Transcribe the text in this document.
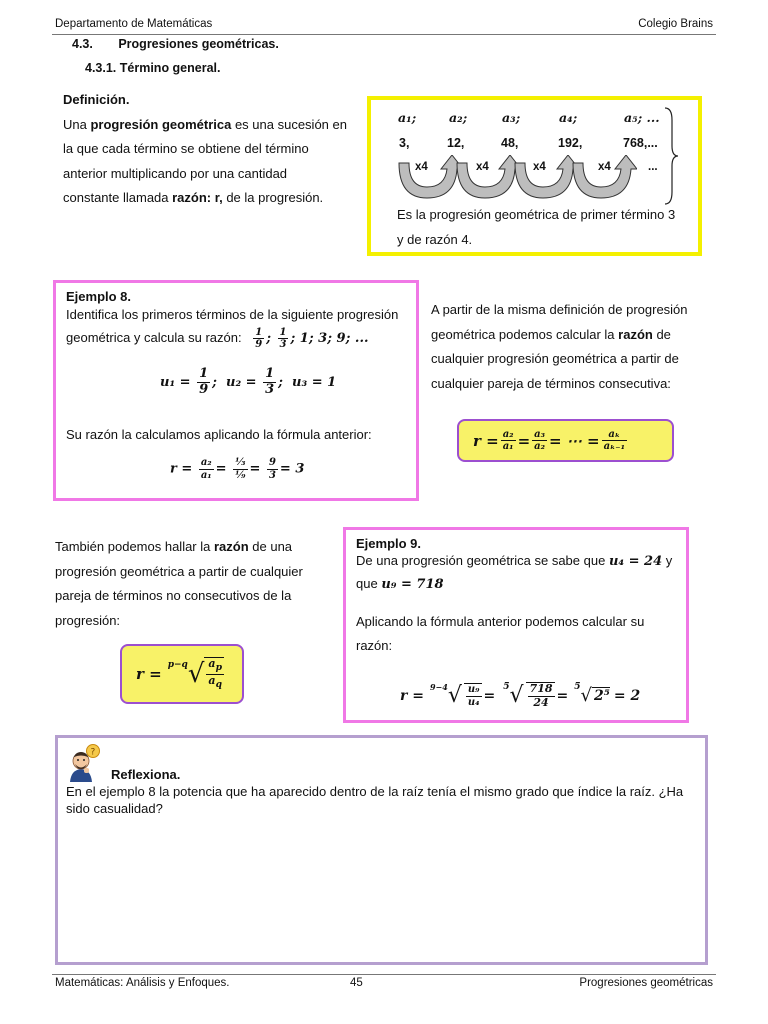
Departamento de Matemáticas	Colegio Brains
4.3. Progresiones geométricas.
4.3.1. Término general.
Definición.
Una progresión geométrica es una sucesión en
la que cada término se obtiene del término
anterior multiplicando por una cantidad
constante llamada razón: r, de la progresión.
a₁;	a₂;	a₃;	a₄;	a₅; ...
3,	12,	48,	192,	768,...
x4	x4	x4	x4	...
Es la progresión geométrica de primer término 3
y de razón 4.
Ejemplo 8.
Identifica los primeros términos de la siguiente progresión
geométrica y calcula su razón: $\frac{1}{9}$ ; $\frac{1}{3}$ ; 1; 3; 9; ...
$u_1 = \frac{1}{9}$ ;  $u_2 = \frac{1}{3}$ ;  u₃ = 1
Su razón la calculamos aplicando la fórmula anterior:
$r = \frac{\text{a₂}}{\text{a₁}} = \frac{\text{¹⁄₃}}{\text{¹⁄₉}} = \frac{9}{3} = 3$
A partir de la misma definición de progresión
geométrica podemos calcular la razón de
cualquier progresión geométrica a partir de
cualquier pareja de términos consecutiva:
$r = \frac{\text{a₂}}{\text{a₁}} = \frac{\text{a₃}}{\text{a₂}}$ = ⋯ = $\frac{\text{aₖ}}{\text{aₖ₋₁}}$
También podemos hallar la razón de una
progresión geométrica a partir de cualquier
pareja de términos no consecutivos de la
progresión:
r = $^{p-q}$ √ $\frac{a_p}{a_q}$
Ejemplo 9.
De una progresión geométrica se sabe que u₄ = 24 y
que u₉ = 718
Aplicando la fórmula anterior podemos calcular su
razón:
r =
$^{9-4}$ √ $\frac{\text{u₉}}{\text{u₄}}$ =
$^5$ √ $\frac{718}{24}$ =
$^5$ √ 2⁵ = 2
?
Reflexiona.
En el ejemplo 8 la potencia que ha aparecido dentro de la raíz tenía el mismo grado que índice la raíz. ¿Ha
sido casualidad?
Matemáticas: Análisis y Enfoques.	45	Progresiones geométricas
